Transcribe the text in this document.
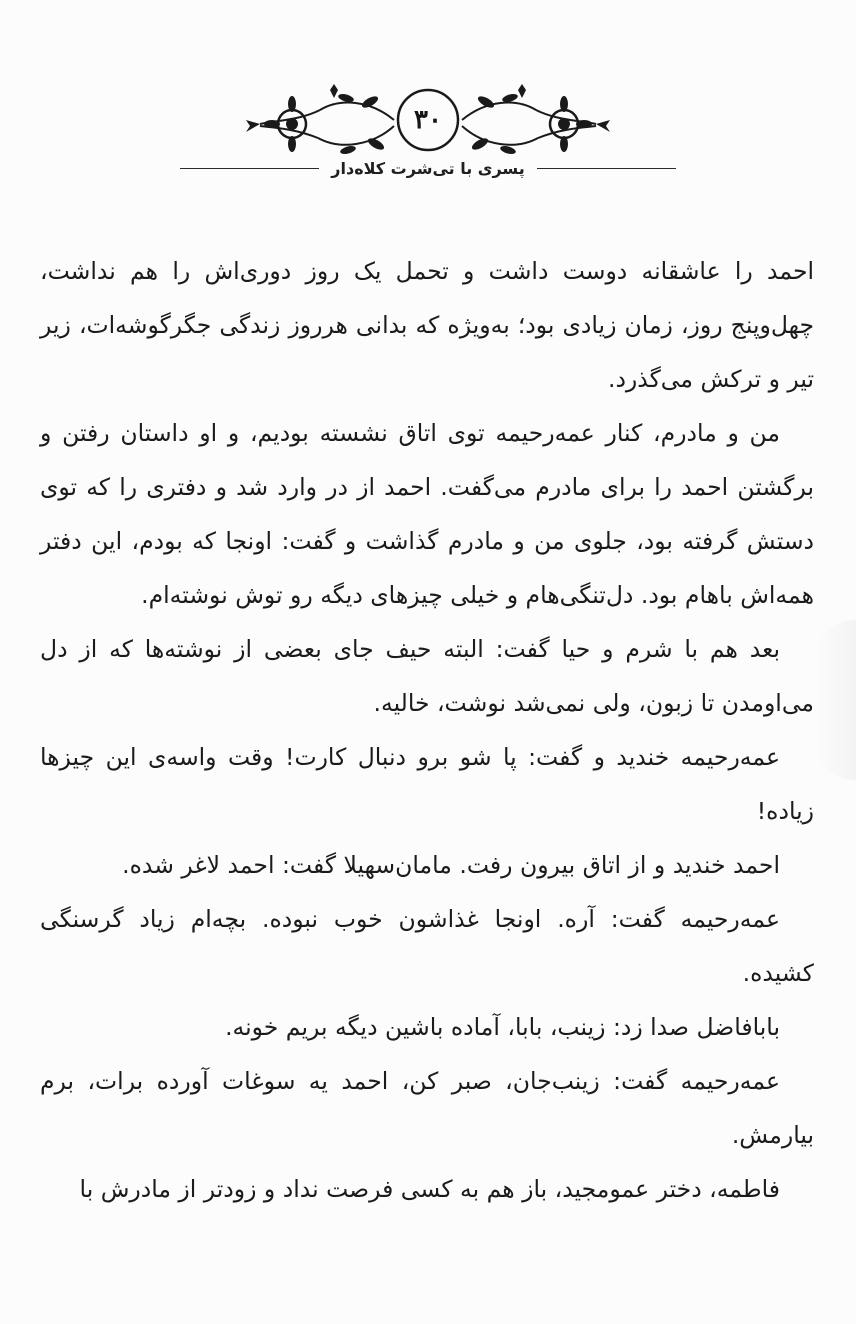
۳۰
پسری با تی‌شرت کلاه‌دار

احمد را عاشقانه دوست داشت و تحمل یک روز دوری‌اش را هم نداشت، چهل‌وپنج روز، زمان زیادی بود؛ به‌ویژه که بدانی هرروز زندگی جگرگوشه‌ات، زیر تیر و ترکش می‌گذرد.

من و مادرم، کنار عمه‌رحیمه توی اتاق نشسته بودیم، و او داستان رفتن و برگشتن احمد را برای مادرم می‌گفت. احمد از در وارد شد و دفتری را که توی دستش گرفته بود، جلوی من و مادرم گذاشت و گفت: اونجا که بودم، این دفتر همه‌اش باهام بود. دل‌تنگی‌هام و خیلی چیزهای دیگه رو توش نوشته‌ام.

بعد هم با شرم و حیا گفت: البته حیف جای بعضی از نوشته‌ها که از دل می‌اومدن تا زبون، ولی نمی‌شد نوشت، خالیه.

عمه‌رحیمه خندید و گفت: پا شو برو دنبال کارت! وقت واسه‌ی این چیزها زیاده!

احمد خندید و از اتاق بیرون رفت. مامان‌سهیلا گفت: احمد لاغر شده.

عمه‌رحیمه گفت: آره. اونجا غذاشون خوب نبوده. بچه‌ام زیاد گرسنگی کشیده.

بابافاضل صدا زد: زینب، بابا، آماده باشین دیگه بریم خونه.

عمه‌رحیمه گفت: زینب‌جان، صبر کن، احمد یه سوغات آورده برات، برم بیارمش.

فاطمه، دختر عمومجید، باز هم به کسی فرصت نداد و زودتر از مادرش با
